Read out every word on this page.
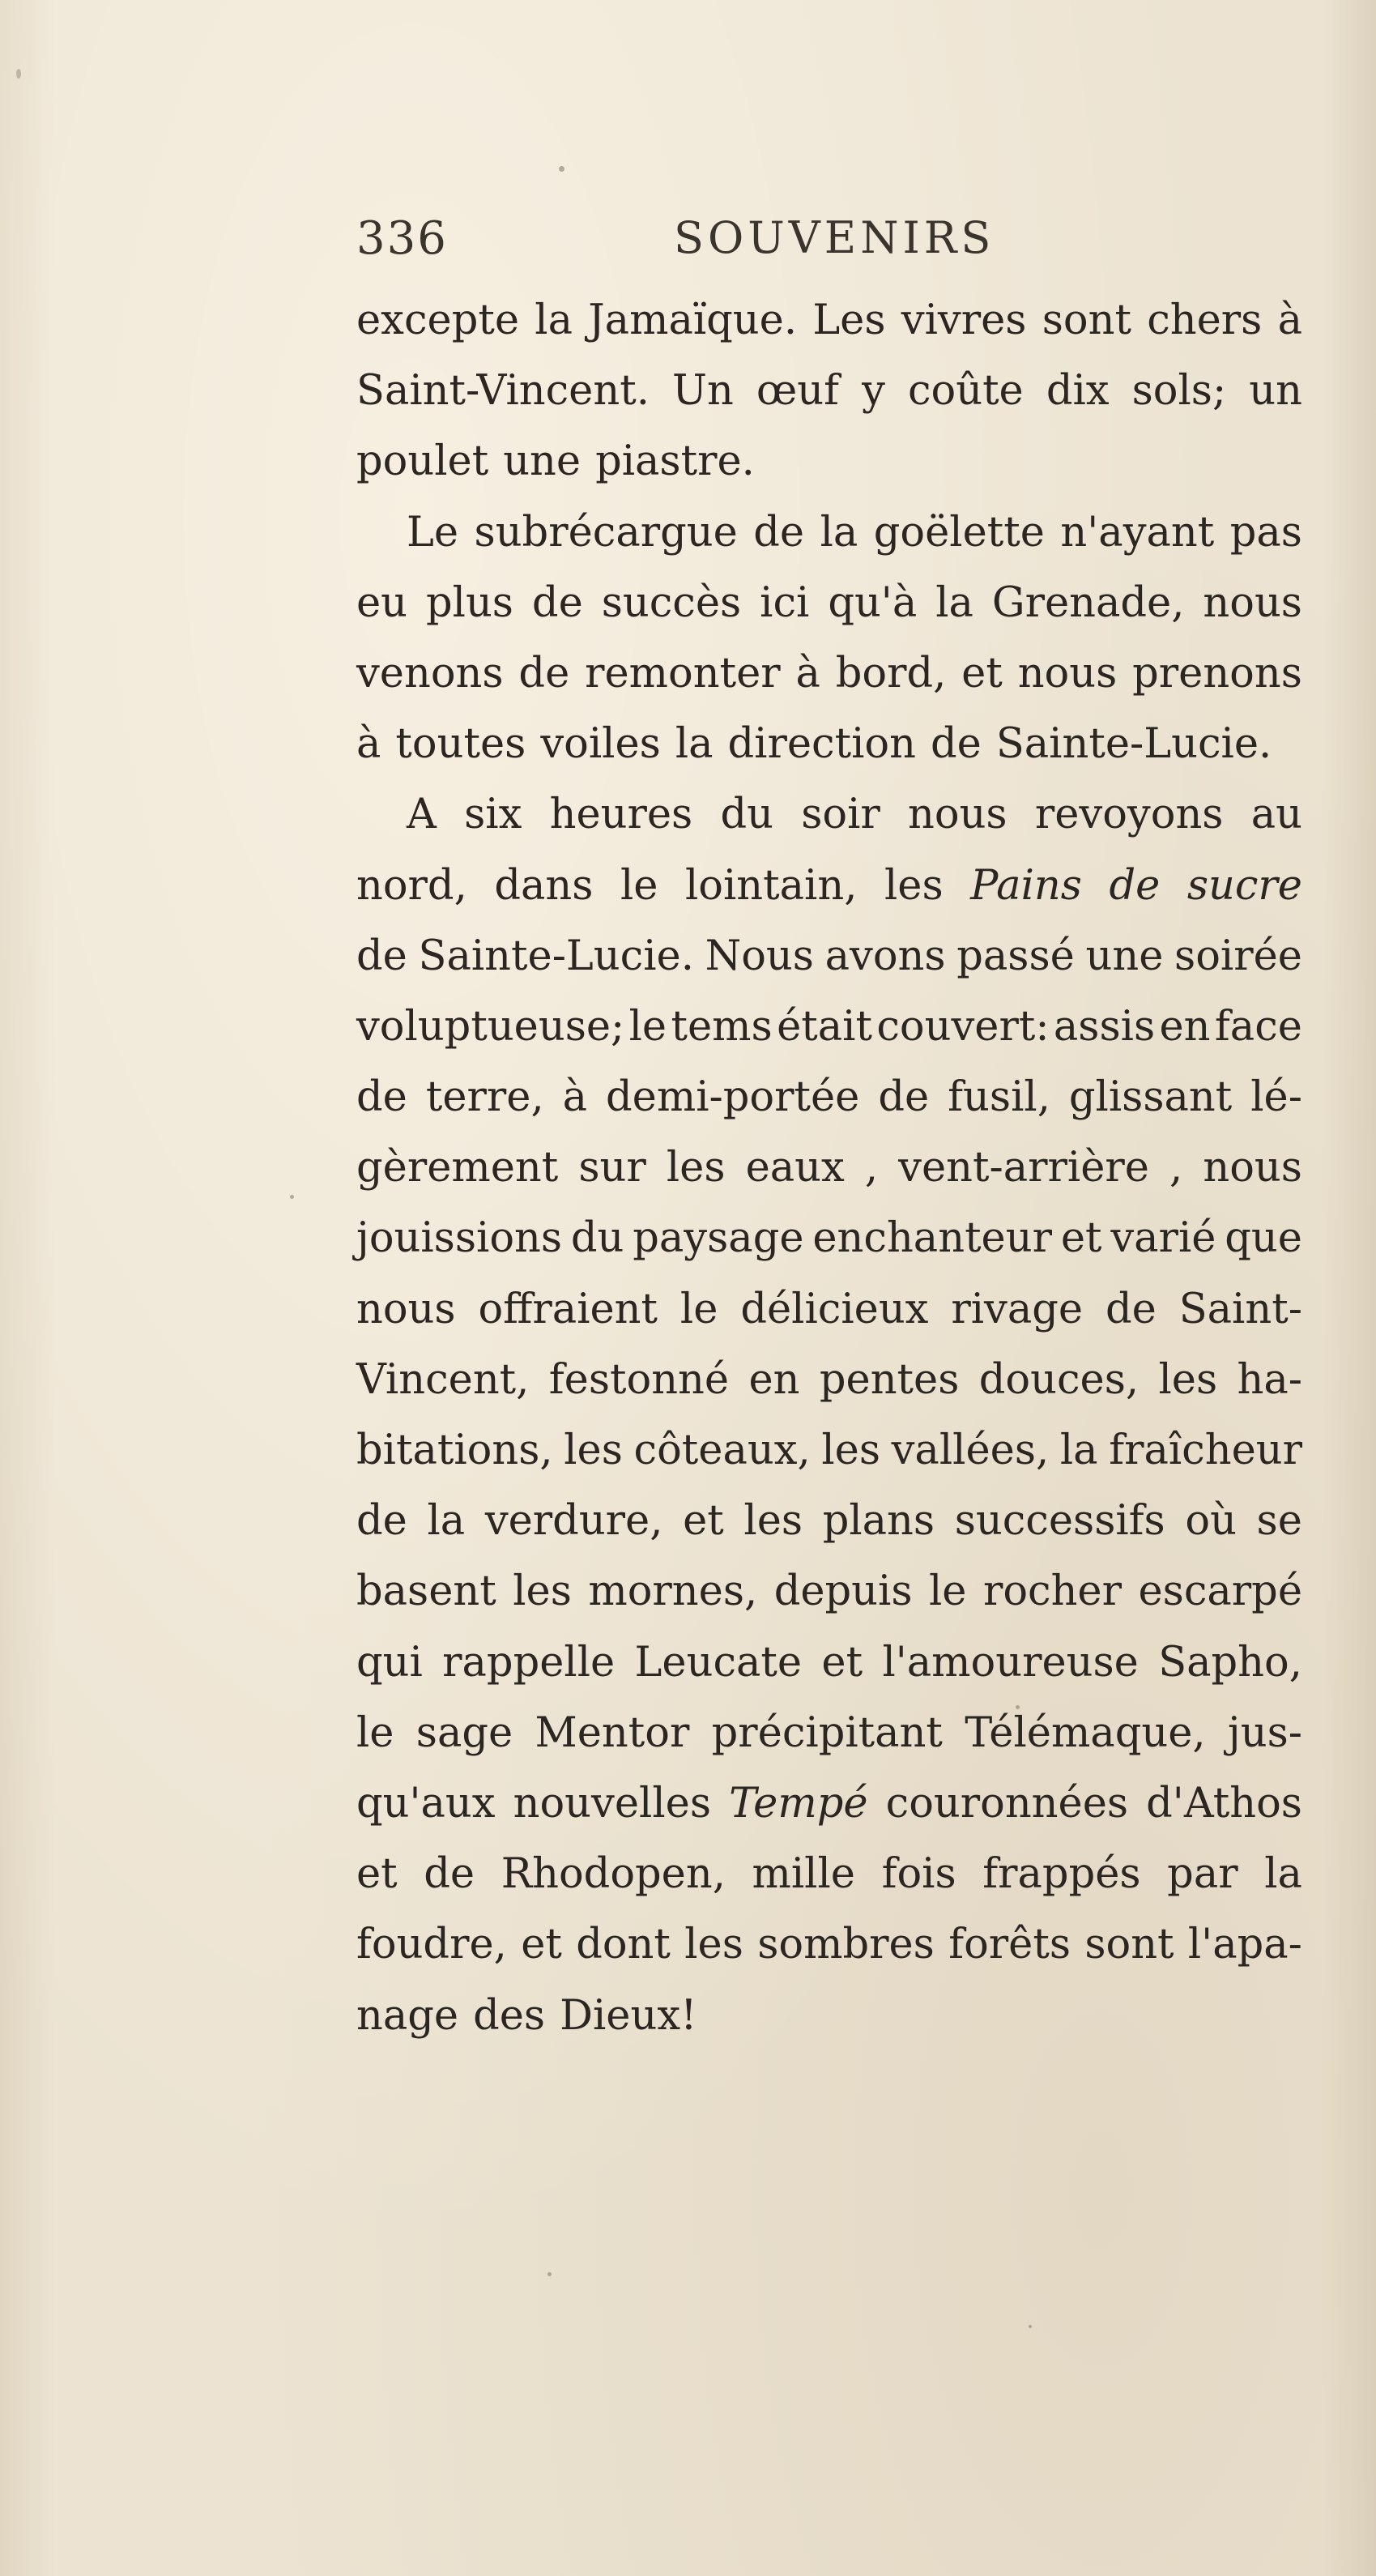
336	SOUVENIRS
excepte la Jamaïque. Les vivres sont chers à
Saint-Vincent. Un œuf y coûte dix sols; un
poulet une piastre.
Le subrécargue de la goëlette n'ayant pas
eu plus de succès ici qu'à la Grenade, nous
venons de remonter à bord, et nous prenons
à toutes voiles la direction de Sainte-Lucie.
A six heures du soir nous revoyons au
nord, dans le lointain, les Pains de sucre
de Sainte-Lucie. Nous avons passé une soirée
voluptueuse; le tems était couvert: assis en face
de terre, à demi-portée de fusil, glissant lé-
gèrement sur les eaux , vent-arrière , nous
jouissions du paysage enchanteur et varié que
nous offraient le délicieux rivage de Saint-
Vincent, festonné en pentes douces, les ha-
bitations, les côteaux, les vallées, la fraîcheur
de la verdure, et les plans successifs où se
basent les mornes, depuis le rocher escarpé
qui rappelle Leucate et l'amoureuse Sapho,
le sage Mentor précipitant Télémaque, jus-
qu'aux nouvelles Tempé couronnées d'Athos
et de Rhodopen, mille fois frappés par la
foudre, et dont les sombres forêts sont l'apa-
nage des Dieux!
